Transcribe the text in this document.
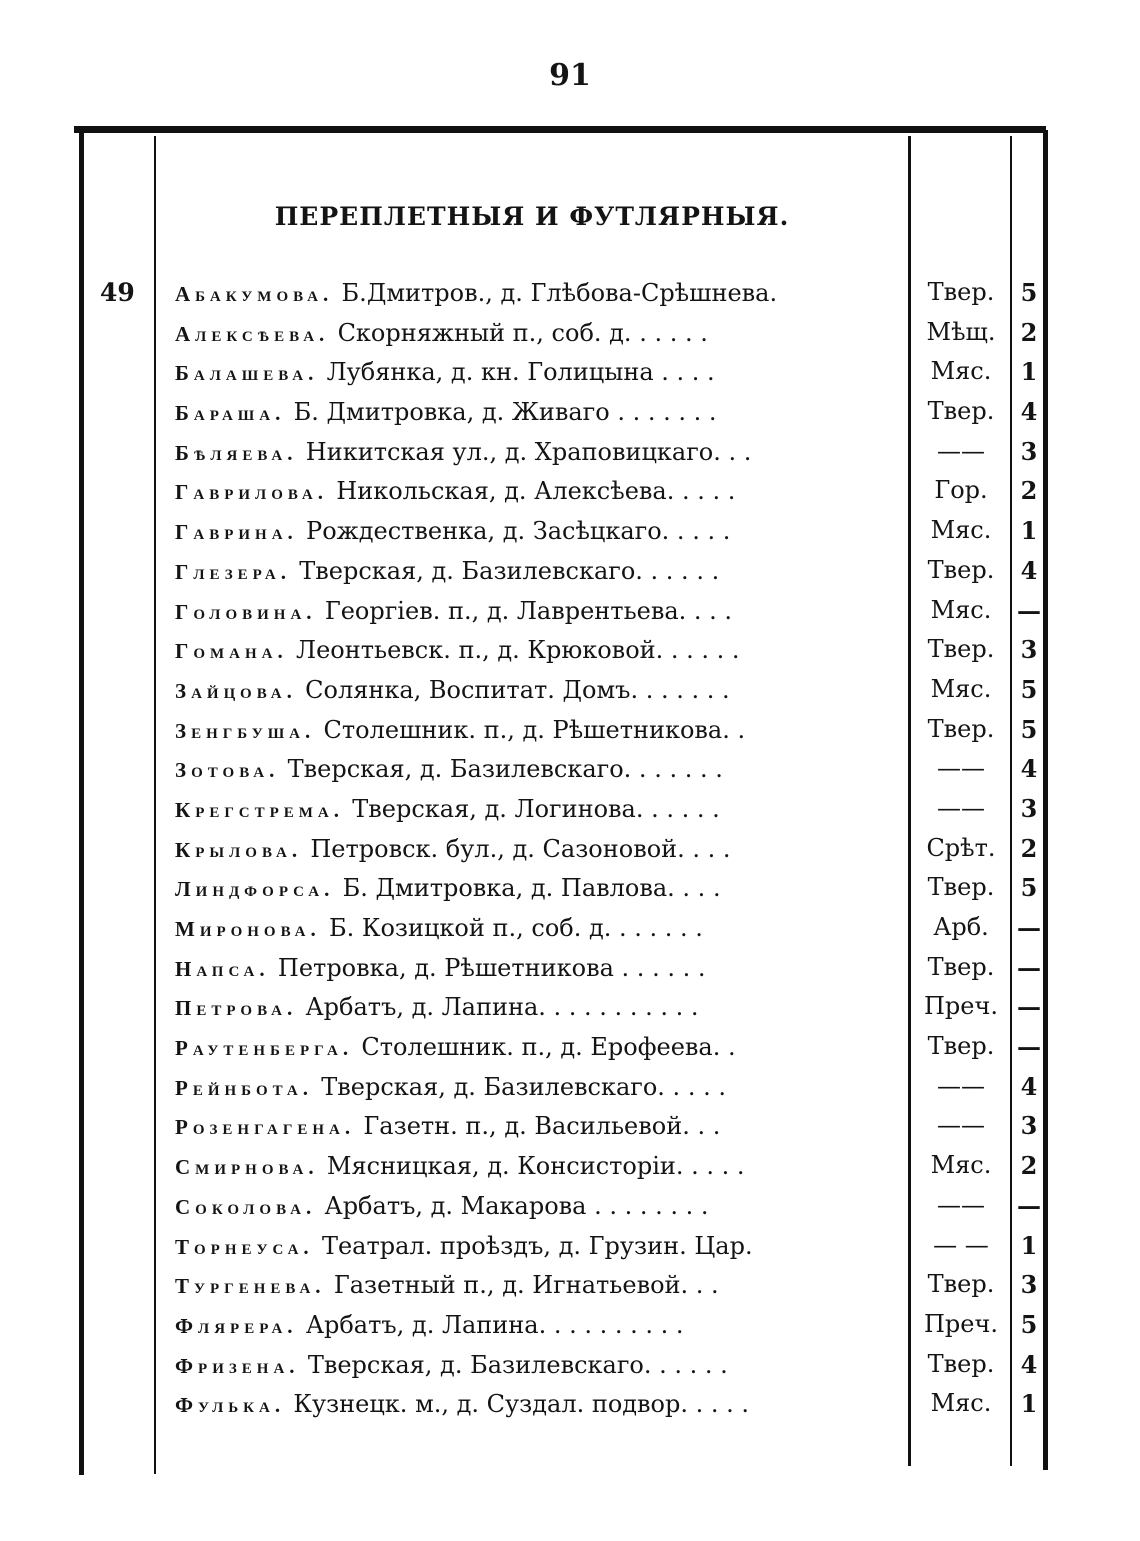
91
ПЕРЕПЛЕТНЫЯ И ФУТЛЯРНЫЯ.
49 Абакумова. Б.Дмитров., д. Глѣбова-Срѣшнева.	Твер.	5
Алексѣева. Скорняжный п., соб. д. . . . . .	Мѣщ.	2
Балашева. Лубянка, д. кн. Голицына . . . .	Мяс.	1
Бараша. Б. Дмитровка, д. Живаго . . . . . . .	Твер.	4
Бѣляева. Никитская ул., д. Храповицкаго. . .	——	3
Гаврилова. Никольская, д. Алексѣева. . . . .	Гор.	2
Гаврина. Рождественка, д. Засѣцкаго. . . . .	Мяс.	1
Глезера. Тверская, д. Базилевскаго. . . . . .	Твер.	4
Головина. Георгіев. п., д. Лаврентьева. . . .	Мяс.	—
Гомана. Леонтьевск. п., д. Крюковой. . . . . .	Твер.	3
Зайцова. Солянка, Воспитат. Домъ. . . . . . .	Мяс.	5
Зенгбуша. Столешник. п., д. Рѣшетникова. .	Твер.	5
Зотова. Тверская, д. Базилевскаго. . . . . . .	——	4
Крегстрема. Тверская, д. Логинова. . . . . .	——	3
Крылова. Петровск. бул., д. Сазоновой. . . .	Срѣт.	2
Линдфорса. Б. Дмитровка, д. Павлова. . . .	Твер.	5
Миронова. Б. Козицкой п., соб. д. . . . . . .	Арб.	—
Напса. Петровка, д. Рѣшетникова . . . . . .	Твер. —
Петрова. Арбатъ, д. Лапина. . . . . . . . . . .	Преч. —
Раутенберга. Столешник. п., д. Ерофеева. .	Твер. —
Рейнбота. Тверская, д. Базилевскаго. . . . .	——	4
Розенгагена. Газетн. п., д. Васильевой. . .	——	3
Смирнова. Мясницкая, д. Консисторіи. . . . .	Мяс.	2
Соколова. Арбатъ, д. Макарова . . . . . . . .	——	—
Торнеуса. Театрал. проѣздъ, д. Грузин. Цар.	— —	1
Тургенева. Газетный п., д. Игнатьевой. . .	Твер.	3
Флярера. Арбатъ, д. Лапина. . . . . . . . . .	Преч. 5
Фризена. Тверская, д. Базилевскаго. . . . . .	Твер.	4
Фулька. Кузнецк. м., д. Суздал. подвор. . . . .	Мяс.	1
